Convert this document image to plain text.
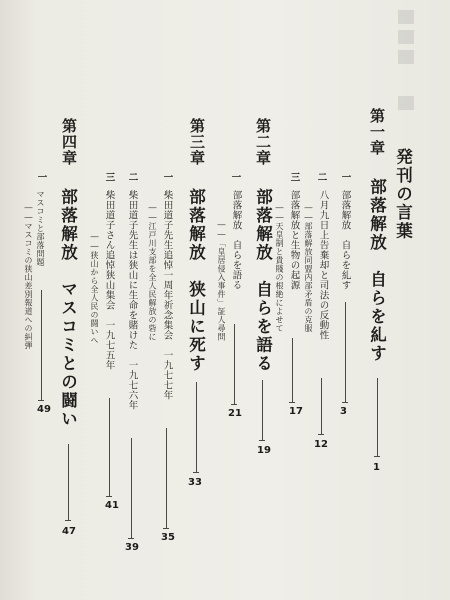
発刊の言葉
第一章
部落解放　自らを糺す
1
一
部落解放　自らを糺す
3
二
八月九日上告棄却と司法の反動性
――部落解放同盟内部矛盾の克服
12
三
部落解放と生物の起源
――天皇制と貴賤の根絶によせて
17
第二章
部落解放　自らを語る
19
一
部落解放　自らを語る
――「皇居侵入事件」証人尋問
21
第三章
部落解放　狭山に死す
33
一
柴田道子先生追悼一周年祈念集会　一九七七年
――江戸川支部を全人民解放の砦に
35
二
柴田道子先生は狭山に生命を賭けた　一九七六年
39
三
柴田道子さん追悼狭山集会　一九七五年
――狭山から全人民の闘いへ
41
第四章
部落解放　マスコミとの闘い
47
一
マスコミと部落問題
――マスコミの狭山差別報道への糾弾
49
